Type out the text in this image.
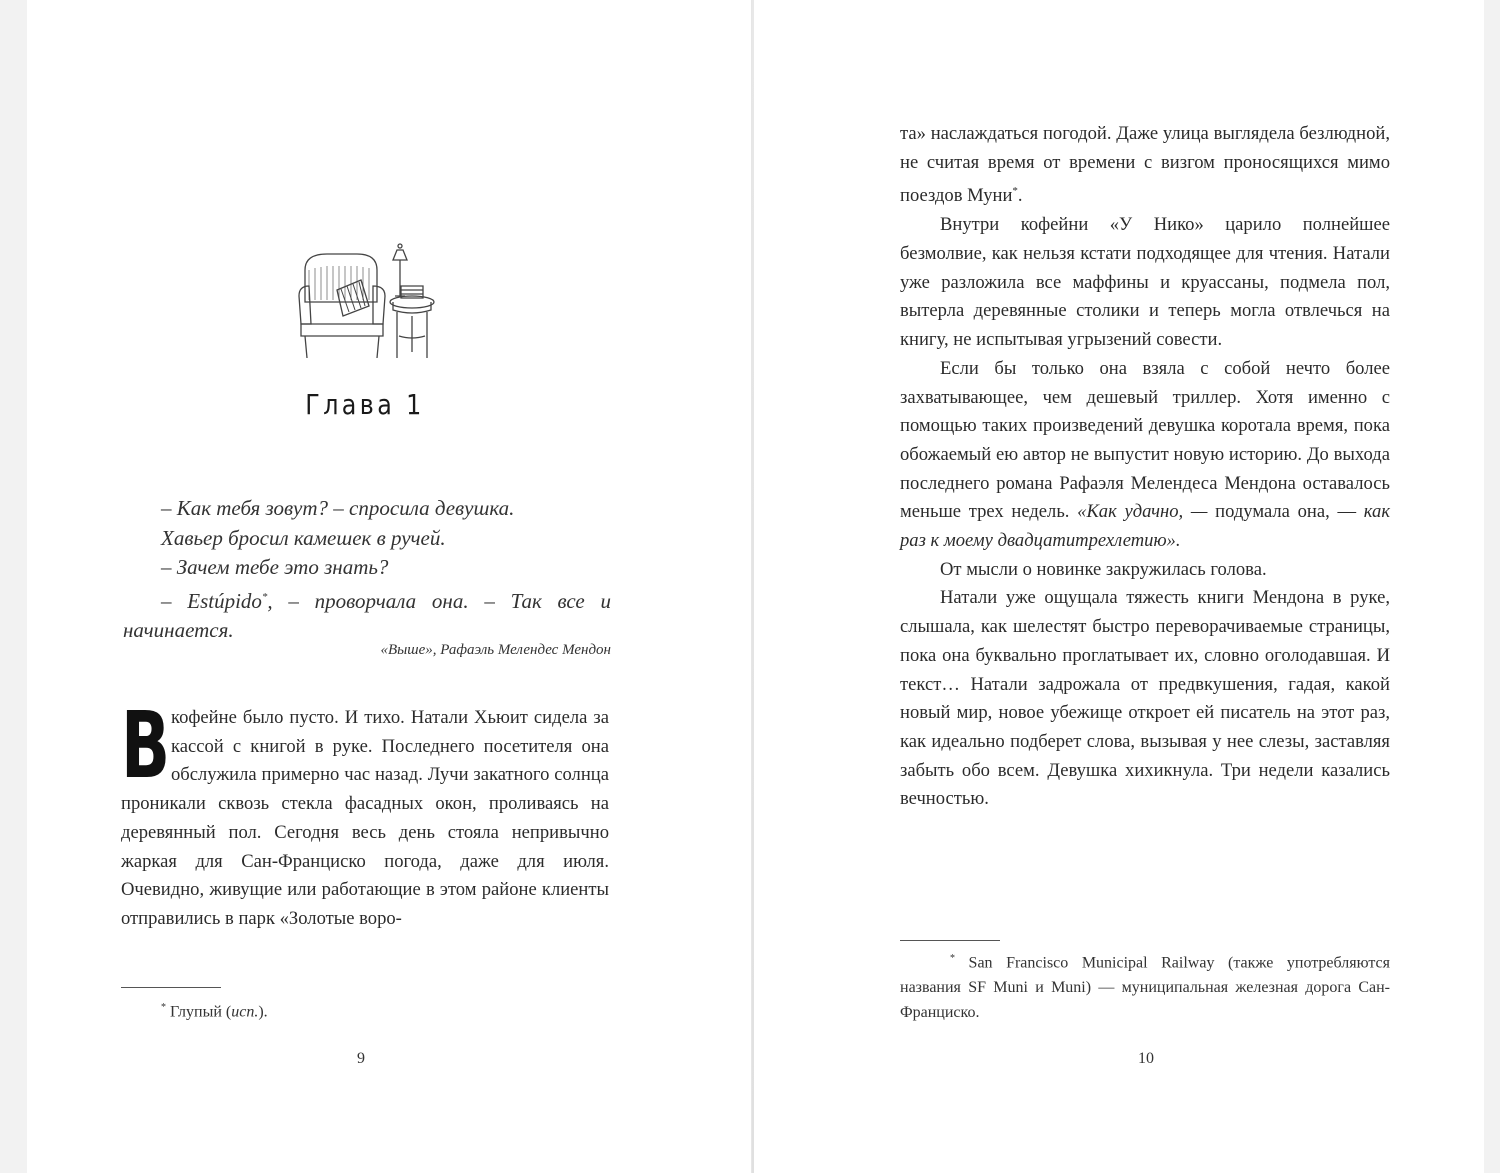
Глава 1

– Как тебя зовут? – спросила девушка.

Хавьер бросил камешек в ручей.

– Зачем тебе это знать?

– Estúpido*, – проворчала она. – Так все и начинается.

«Выше», Рафаэль Мелендес Мендон

В кофейне было пусто. И тихо. Натали Хьюит сидела за кассой с книгой в руке. Последнего посетителя она обслужила примерно час назад. Лучи закатного солнца проникали сквозь стекла фасадных окон, проливаясь на деревянный пол. Сегодня весь день стояла непривычно жаркая для Сан-Франциско погода, даже для июля. Очевидно, живущие или работающие в этом районе клиенты отправились в парк «Золотые воро-

* Глупый (исп.).
9

та» наслаждаться погодой. Даже улица выглядела безлюдной, не считая время от времени с визгом проносящихся мимо поездов Муни*.

Внутри кофейни «У Нико» царило полнейшее безмолвие, как нельзя кстати подходящее для чтения. Натали уже разложила все маффины и круассаны, подмела пол, вытерла деревянные столики и теперь могла отвлечься на книгу, не испытывая угрызений совести.

Если бы только она взяла с собой нечто более захватывающее, чем дешевый триллер. Хотя именно с помощью таких произведений девушка коротала время, пока обожаемый ею автор не выпустит новую историю. До выхода последнего романа Рафаэля Мелендеса Мендона оставалось меньше трех недель. «Как удачно, — подумала она, — как раз к моему двадцатитрехлетию».

От мысли о новинке закружилась голова.

Натали уже ощущала тяжесть книги Мендона в руке, слышала, как шелестят быстро переворачиваемые страницы, пока она буквально проглатывает их, словно оголодавшая. И текст… Натали задрожала от предвкушения, гадая, какой новый мир, новое убежище откроет ей писатель на этот раз, как идеально подберет слова, вызывая у нее слезы, заставляя забыть обо всем. Девушка хихикнула. Три недели казались вечностью.

* San Francisco Municipal Railway (также употребляются названия SF Muni и Muni) — муниципальная железная дорога Сан-Франциско.
10
